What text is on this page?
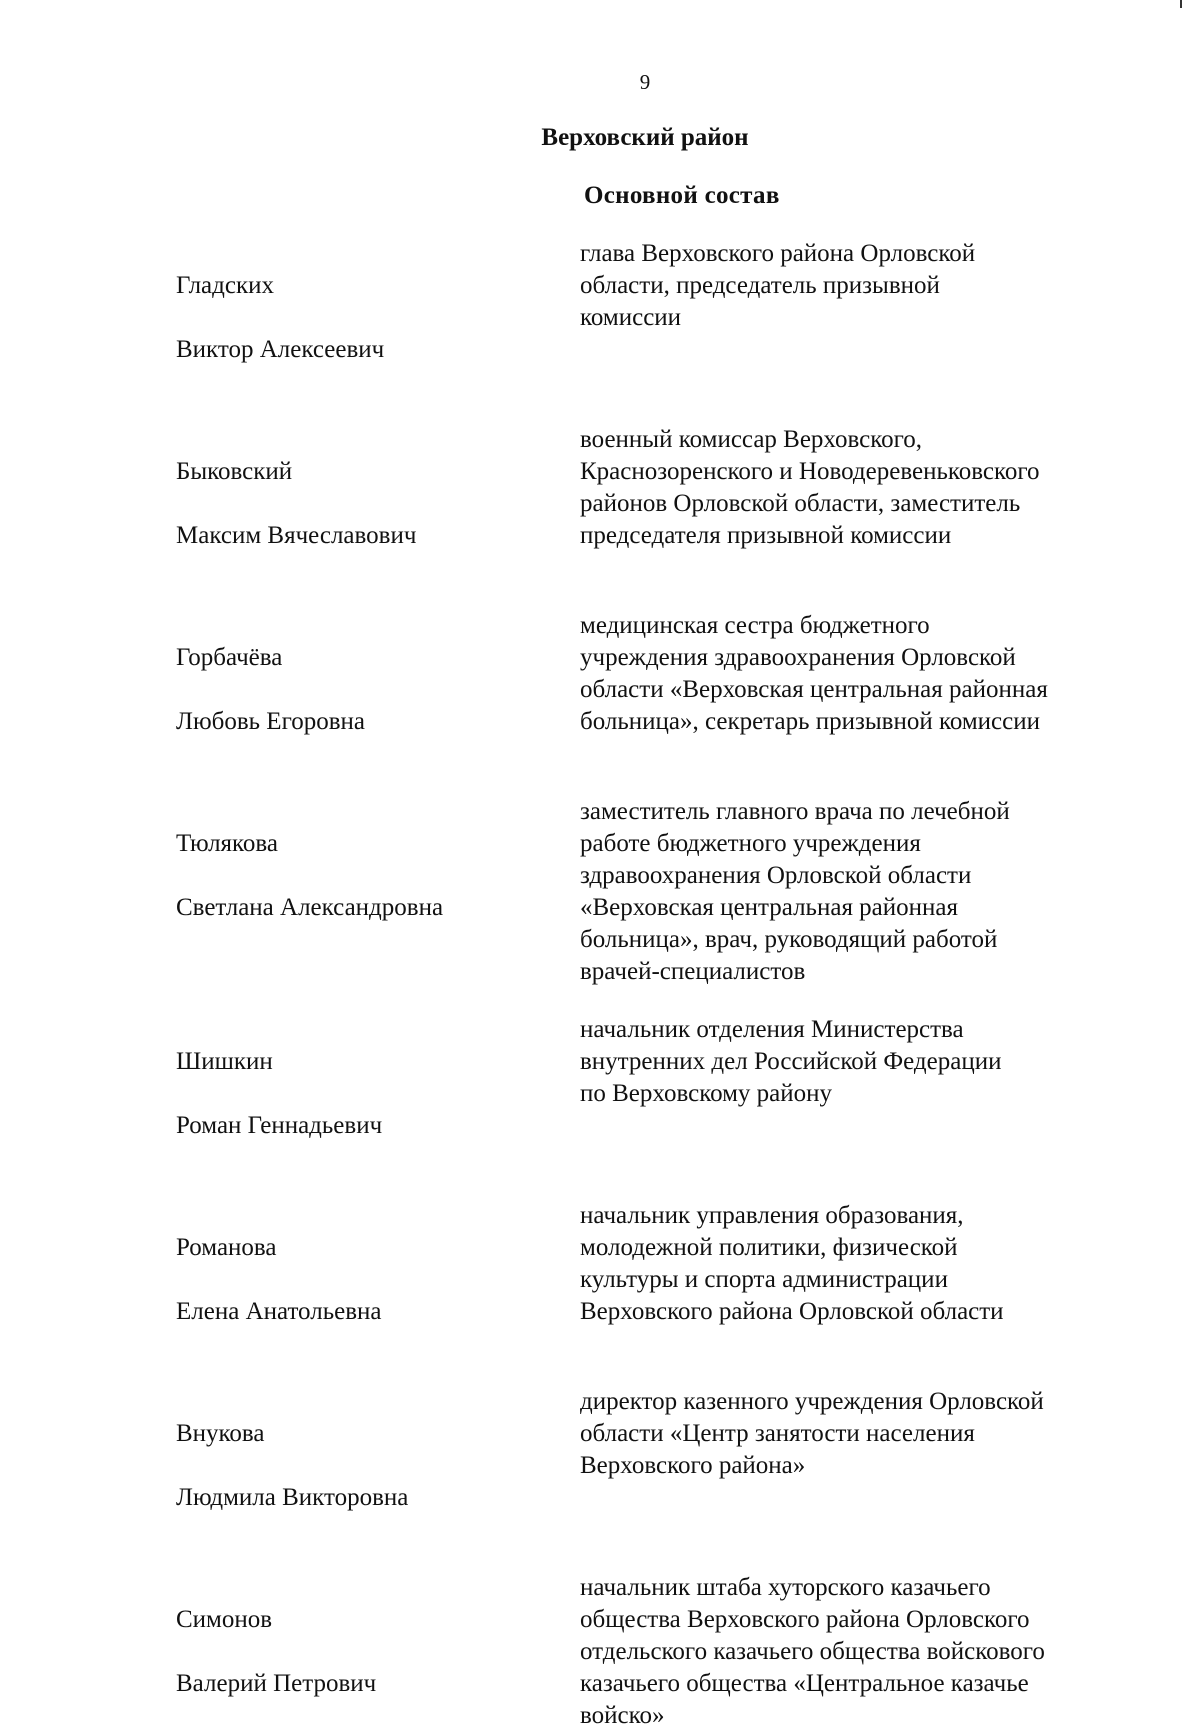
9
Верховский район
Основной состав

Гладских

Виктор Алексеевич

глава Верховского района Орловской
области, председатель призывной
комиссии

Быковский

Максим Вячеславович

военный комиссар Верховского,
Краснозоренского и Новодеревеньковского
районов Орловской области, заместитель
председателя призывной комиссии

Горбачёва

Любовь Егоровна

медицинская сестра бюджетного
учреждения здравоохранения Орловской
области «Верховская центральная районная
больница», секретарь призывной комиссии

Тюлякова

Светлана Александровна

заместитель главного врача по лечебной
работе бюджетного учреждения
здравоохранения Орловской области
«Верховская центральная районная
больница», врач, руководящий работой
врачей-специалистов

Шишкин

Роман Геннадьевич

начальник отделения Министерства
внутренних дел Российской Федерации
по Верховскому району

Романова

Елена Анатольевна

начальник управления образования,
молодежной политики, физической
культуры и спорта администрации
Верховского района Орловской области

Внукова

Людмила Викторовна

директор казенного учреждения Орловской
области «Центр занятости населения
Верховского района»

Симонов

Валерий Петрович

начальник штаба хуторского казачьего
общества Верховского района Орловского
отдельского казачьего общества войскового
казачьего общества «Центральное казачье
войско»
